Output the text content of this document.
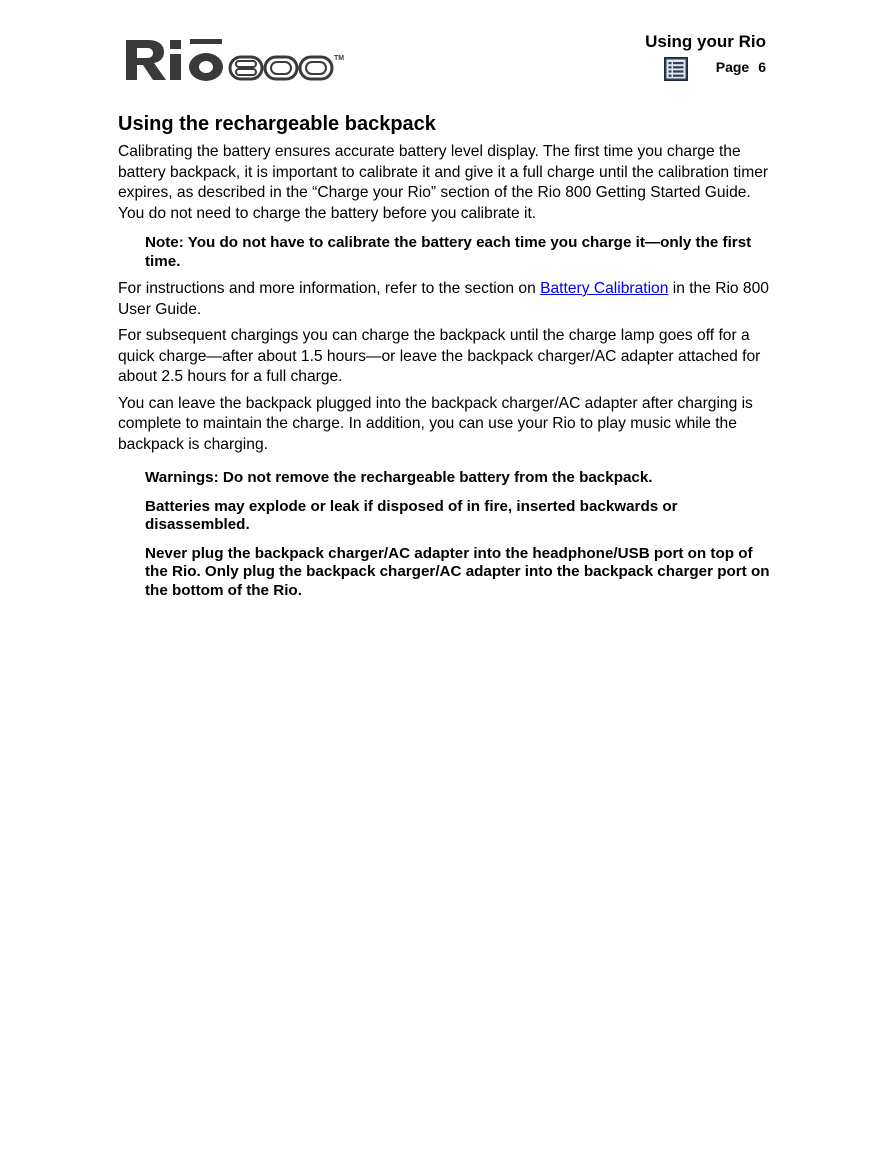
TM
Using your Rio
Page 6
Using the rechargeable backpack

Calibrating the battery ensures accurate battery level display. The first time you charge the battery backpack, it is important to calibrate it and give it a full charge until the calibration timer expires, as described in the “Charge your Rio” section of the Rio 800 Getting Started Guide. You do not need to charge the battery before you calibrate it.

Note: You do not have to calibrate the battery each time you charge it—only the first time.

For instructions and more information, refer to the section on Battery Calibration in the Rio 800 User Guide.

For subsequent chargings you can charge the backpack until the charge lamp goes off for a quick charge—after about 1.5 hours—or leave the backpack charger/AC adapter attached for about 2.5 hours for a full charge.

You can leave the backpack plugged into the backpack charger/AC adapter after charging is complete to maintain the charge. In addition, you can use your Rio to play music while the backpack is charging.

Warnings: Do not remove the rechargeable battery from the backpack.
Batteries may explode or leak if disposed of in fire, inserted backwards or disassembled.
Never plug the backpack charger/AC adapter into the headphone/USB port on top of the Rio. Only plug the backpack charger/AC adapter into the backpack charger port on the bottom of the Rio.
